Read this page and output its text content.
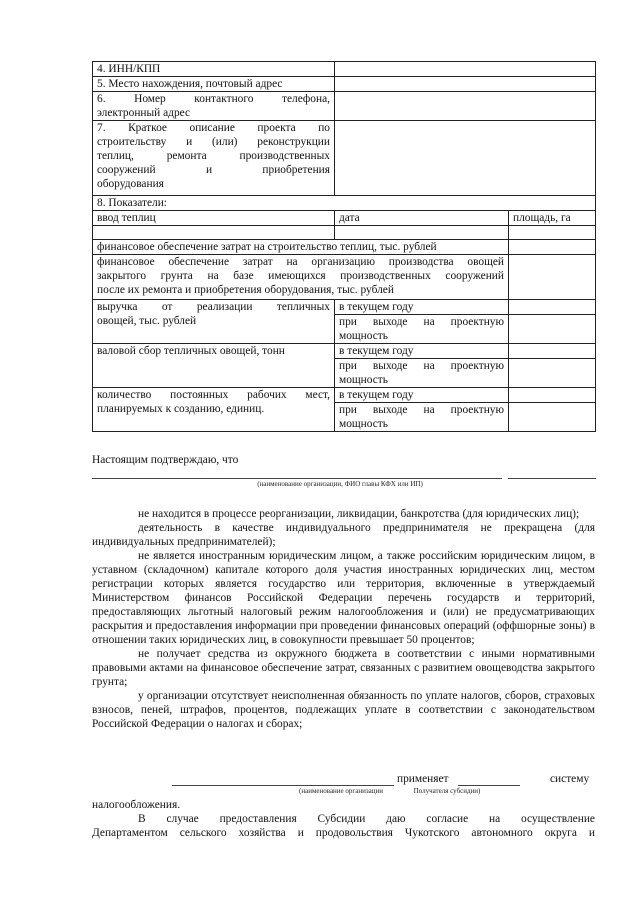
4. ИНН/КПП		
5. Место нахождения, почтовый адрес		

6. Номер контактного телефона,
электронный адрес		

7. Краткое описание проекта по
строительству и (или) реконструкции
теплиц, ремонта производственных
сооружений и приобретения
оборудования		

8. Показатели:		
ввод теплиц	дата	площадь, га

финансовое обеспечение затрат на строительство теплиц, тыс. рублей		

финансовое обеспечение затрат на организацию производства овощей
закрытого грунта на базе имеющихся производственных сооружений
после их ремонта и приобретения оборудования, тыс. рублей		

выручка от реализации тепличных
овощей, тыс. рублей	в текущем году	

	при выходе на проектную
мощность	

валовой сбор тепличных овощей, тонн	в текущем году	

	при выходе на проектную
мощность	

количество постоянных рабочих мест,
планируемых к созданию, единиц.	в текущем году	

	при выходе на проектную
мощность	

Настоящим подтверждаю, что
(наименование организации, ФИО главы КФХ или ИП)

не находится в процессе реорганизации, ликвидации, банкротства (для юридических лиц);

деятельность в качестве индивидуального предпринимателя не прекращена (для индивидуальных предпринимателей);

не является иностранным юридическим лицом, а также российским юридическим лицом, в уставном (складочном) капитале которого доля участия иностранных юридических лиц, местом регистрации которых является государство или территория, включенные в утверждаемый Министерством финансов Российской Федерации перечень государств и территорий, предоставляющих льготный налоговый режим налогообложения и (или) не предусматривающих раскрытия и предоставления информации при проведении финансовых операций (оффшорные зоны) в отношении таких юридических лиц, в совокупности превышает 50 процентов;

не получает средства из окружного бюджета в соответствии с иными нормативными правовыми актами на финансовое обеспечение затрат, связанных с развитием овощеводства закрытого грунта;

у организации отсутствует неисполненная обязанность по уплате налогов, сборов, страховых взносов, пеней, штрафов, процентов, подлежащих уплате в соответствии с законодательством Российской Федерации о налогах и сборах;

применяет	систему
(наименование организации	Получателя субсидии)
налогообложения.

В случае предоставления Субсидии даю согласие на осуществление

Департаментом сельского хозяйства и продовольствия Чукотского автономного округа и
